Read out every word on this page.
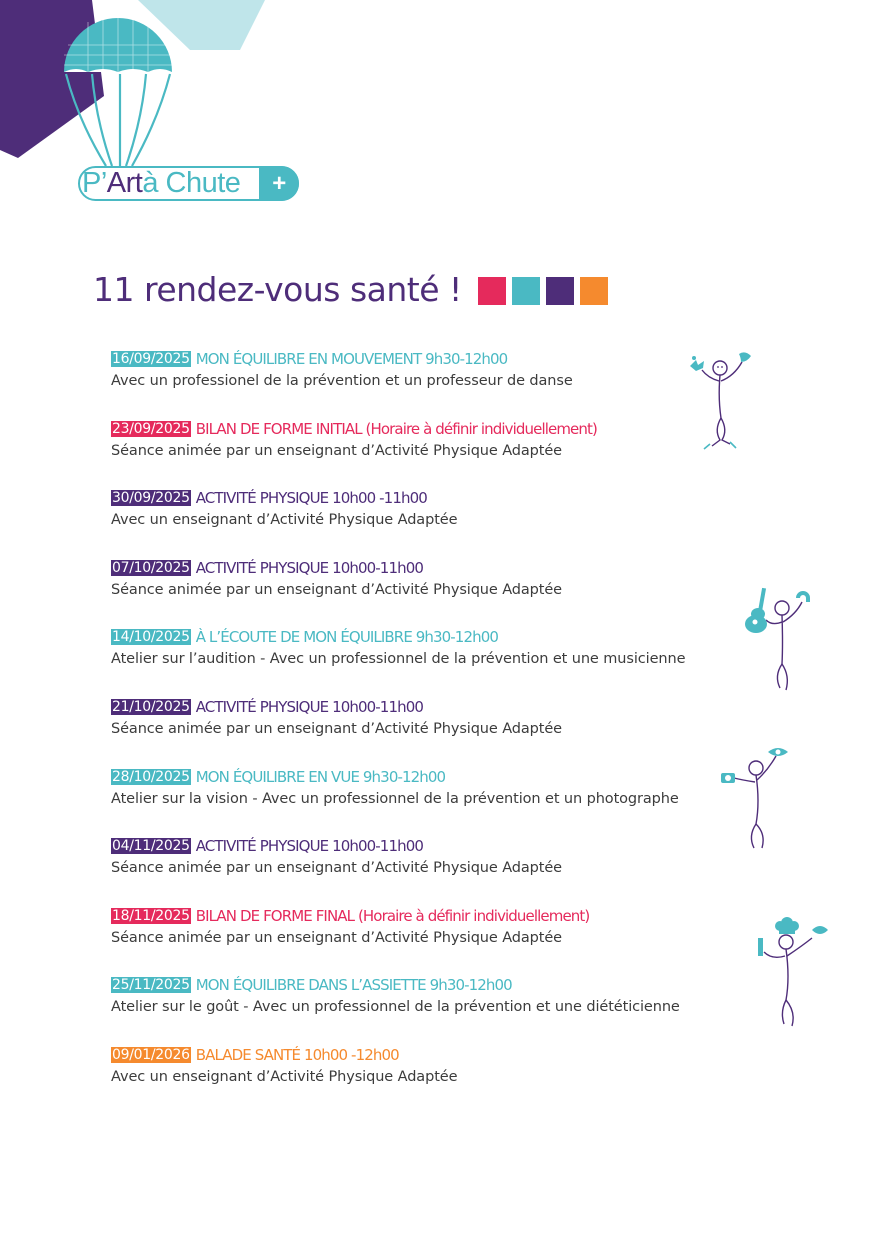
P’ Art à Chute	+
11 rendez-vous santé !
16/09/2025 MON ÉQUILIBRE EN MOUVEMENT 9h30-12h00
Avec un professionel de la prévention et un professeur de danse
23/09/2025 BILAN DE FORME INITIAL (Horaire à définir individuellement)
Séance animée par un enseignant d’Activité Physique Adaptée
30/09/2025 ACTIVITÉ PHYSIQUE 10h00 -11h00
Avec un enseignant d’Activité Physique Adaptée
07/10/2025 ACTIVITÉ PHYSIQUE 10h00-11h00
Séance animée par un enseignant d’Activité Physique Adaptée
14/10/2025 À L’ÉCOUTE DE MON ÉQUILIBRE 9h30-12h00
Atelier sur l’audition - Avec un professionnel de la prévention et une musicienne
21/10/2025 ACTIVITÉ PHYSIQUE 10h00-11h00
Séance animée par un enseignant d’Activité Physique Adaptée
28/10/2025 MON ÉQUILIBRE EN VUE 9h30-12h00
Atelier sur la vision - Avec un professionnel de la prévention et un photographe
04/11/2025 ACTIVITÉ PHYSIQUE 10h00-11h00
Séance animée par un enseignant d’Activité Physique Adaptée
18/11/2025 BILAN DE FORME FINAL (Horaire à définir individuellement)
Séance animée par un enseignant d’Activité Physique Adaptée
25/11/2025 MON ÉQUILIBRE DANS L’ASSIETTE 9h30-12h00
Atelier sur le goût - Avec un professionnel de la prévention et une diététicienne
09/01/2026 BALADE SANTÉ 10h00 -12h00
Avec un enseignant d’Activité Physique Adaptée
